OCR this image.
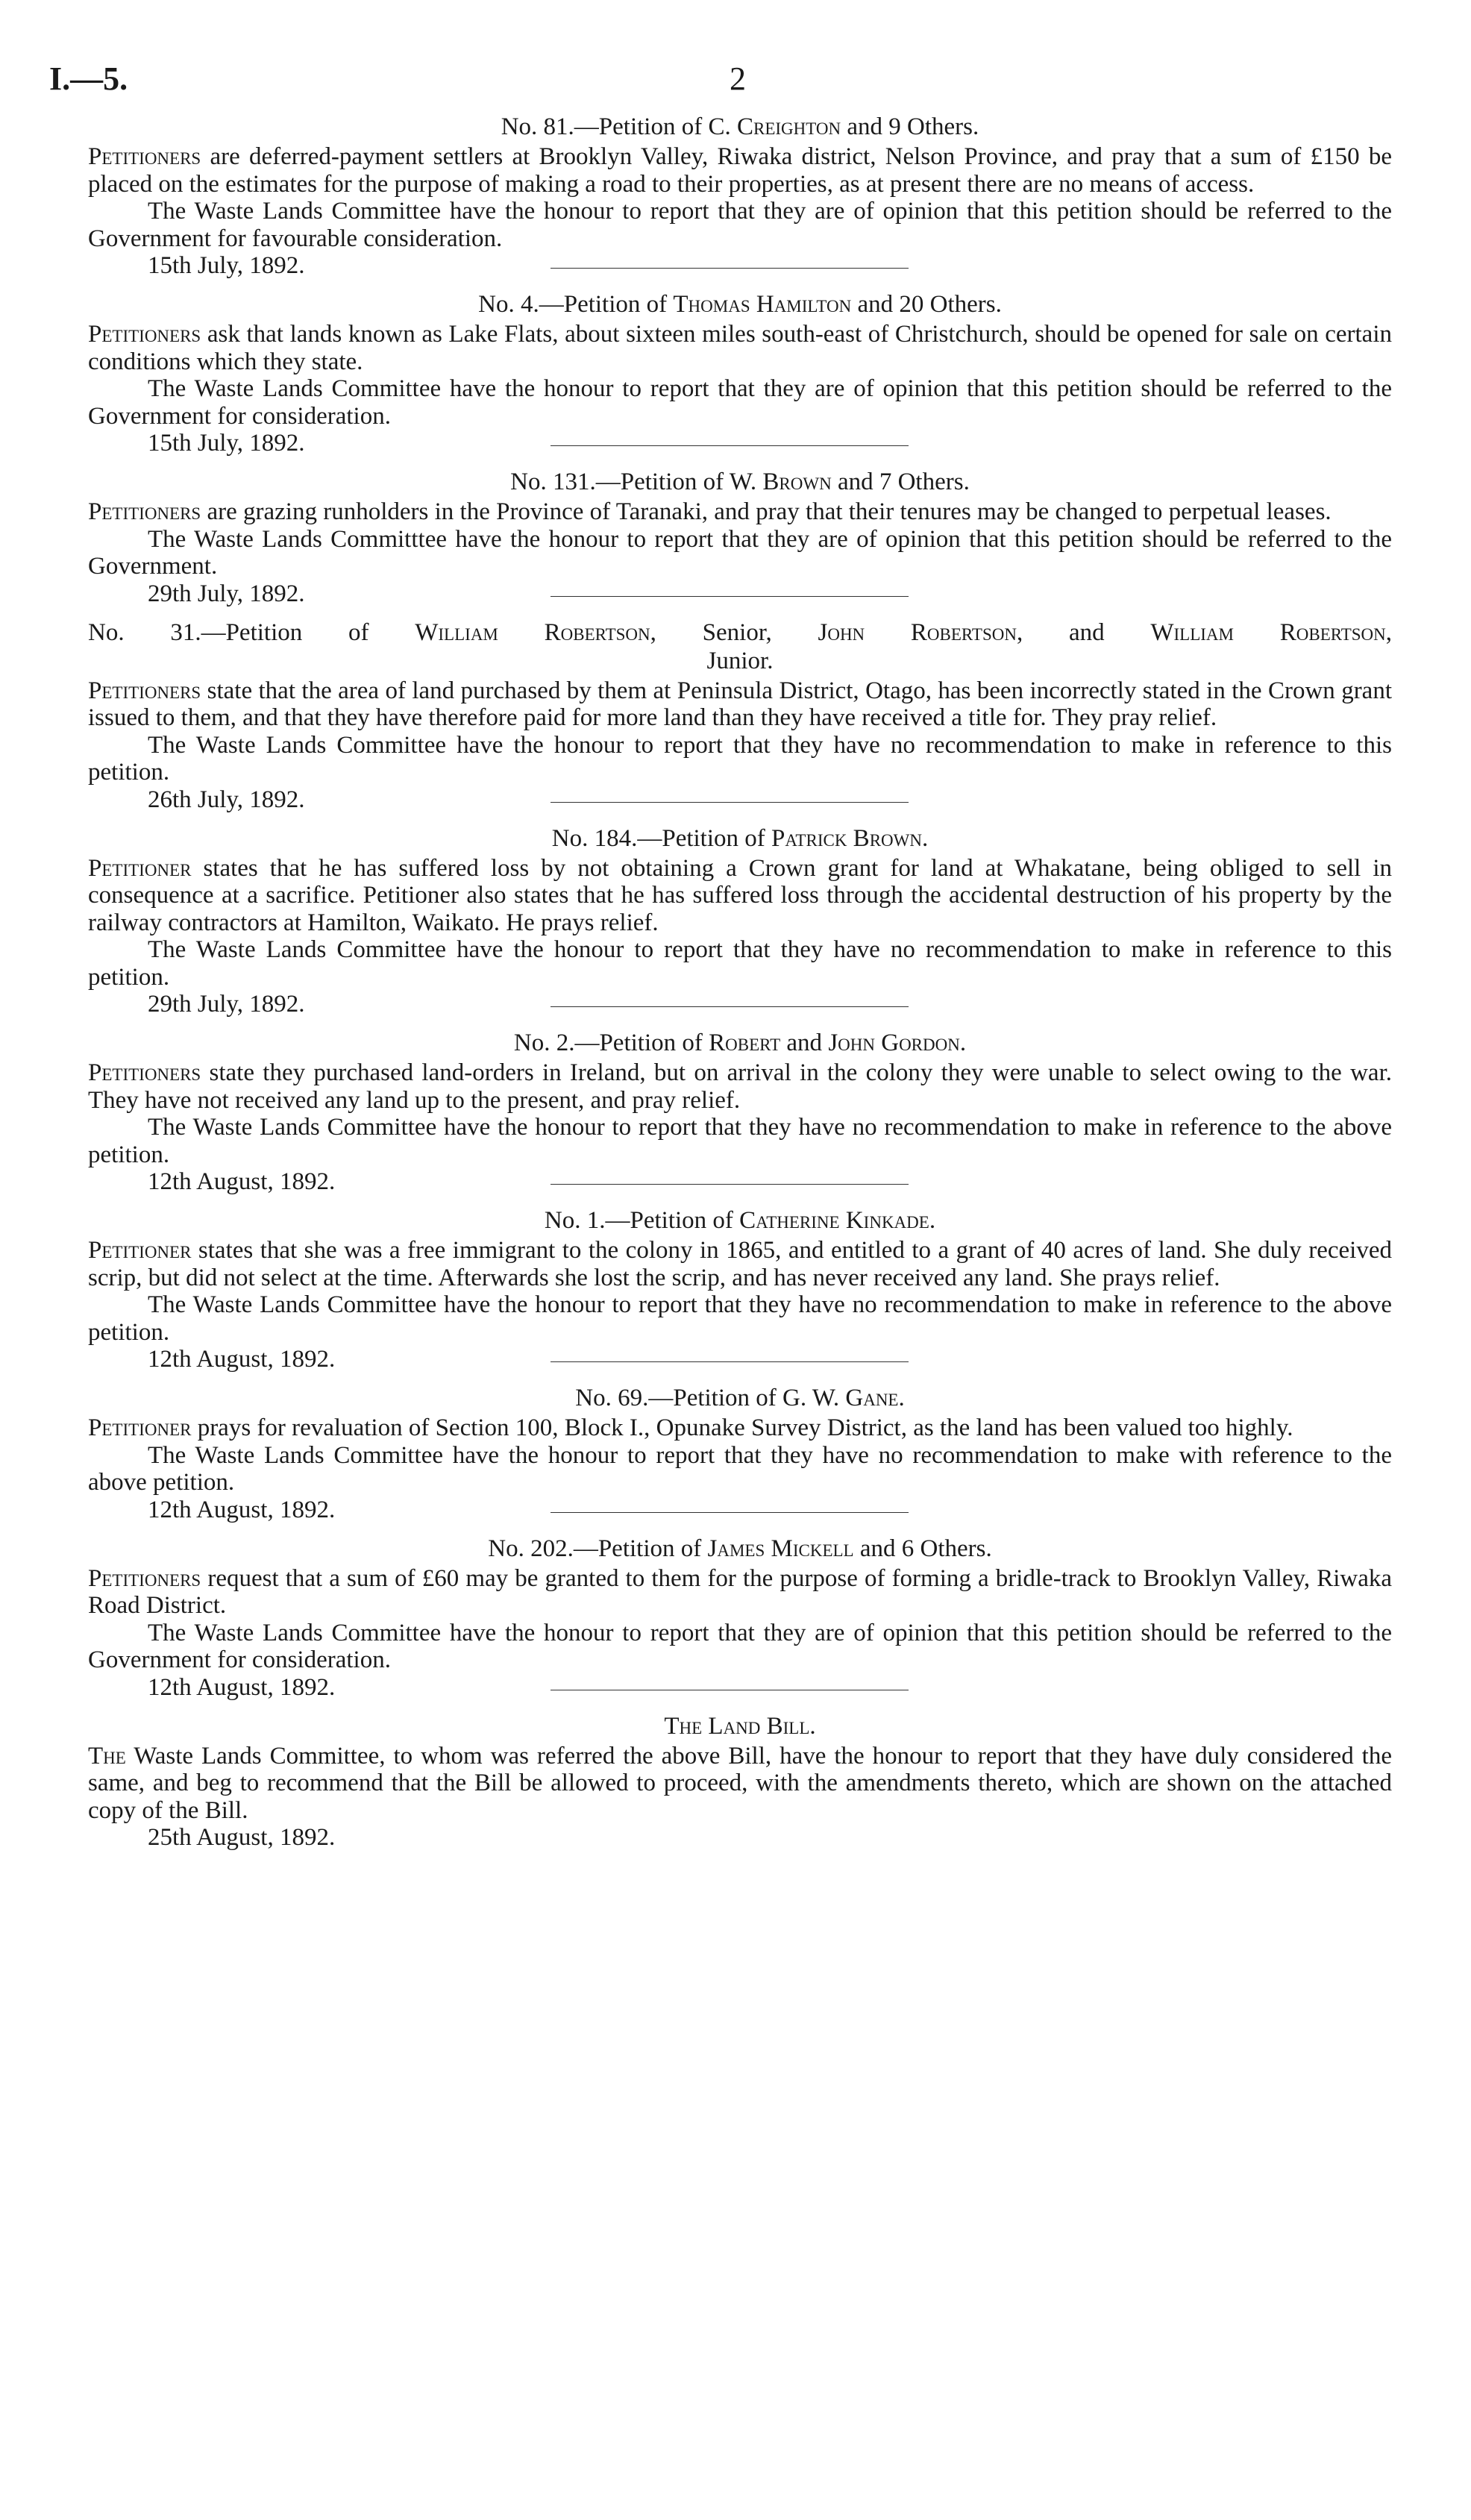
I.—5.	2
No. 81.—Petition of C. Creighton and 9 Others.

Petitioners are deferred-payment settlers at Brooklyn Valley, Riwaka district, Nelson Province, and pray that a sum of £150 be placed on the estimates for the purpose of making a road to their properties, as at present there are no means of access.

The Waste Lands Committee have the honour to report that they are of opinion that this petition should be referred to the Government for favourable consideration.

15th July, 1892.

No. 4.—Petition of Thomas Hamilton and 20 Others.

Petitioners ask that lands known as Lake Flats, about sixteen miles south-east of Christchurch, should be opened for sale on certain conditions which they state.

The Waste Lands Committee have the honour to report that they are of opinion that this petition should be referred to the Government for consideration.

15th July, 1892.

No. 131.—Petition of W. Brown and 7 Others.

Petitioners are grazing runholders in the Province of Taranaki, and pray that their tenures may be changed to perpetual leases.

The Waste Lands Committtee have the honour to report that they are of opinion that this petition should be referred to the Government.

29th July, 1892.

No. 31.—Petition of William Robertson, Senior, John Robertson, and William Robertson,
Junior.

Petitioners state that the area of land purchased by them at Peninsula District, Otago, has been incorrectly stated in the Crown grant issued to them, and that they have therefore paid for more land than they have received a title for. They pray relief.

The Waste Lands Committee have the honour to report that they have no recommendation to make in reference to this petition.

26th July, 1892.

No. 184.—Petition of Patrick Brown.

Petitioner states that he has suffered loss by not obtaining a Crown grant for land at Whakatane, being obliged to sell in consequence at a sacrifice. Petitioner also states that he has suffered loss through the accidental destruction of his property by the railway contractors at Hamilton, Waikato. He prays relief.

The Waste Lands Committee have the honour to report that they have no recommendation to make in reference to this petition.

29th July, 1892.

No. 2.—Petition of Robert and John Gordon.

Petitioners state they purchased land-orders in Ireland, but on arrival in the colony they were unable to select owing to the war. They have not received any land up to the present, and pray relief.

The Waste Lands Committee have the honour to report that they have no recommendation to make in reference to the above petition.

12th August, 1892.

No. 1.—Petition of Catherine Kinkade.

Petitioner states that she was a free immigrant to the colony in 1865, and entitled to a grant of 40 acres of land. She duly received scrip, but did not select at the time. Afterwards she lost the scrip, and has never received any land. She prays relief.

The Waste Lands Committee have the honour to report that they have no recommendation to make in reference to the above petition.

12th August, 1892.

No. 69.—Petition of G. W. Gane.

Petitioner prays for revaluation of Section 100, Block I., Opunake Survey District, as the land has been valued too highly.

The Waste Lands Committee have the honour to report that they have no recommendation to make with reference to the above petition.

12th August, 1892.

No. 202.—Petition of James Mickell and 6 Others.

Petitioners request that a sum of £60 may be granted to them for the purpose of forming a bridle-track to Brooklyn Valley, Riwaka Road District.

The Waste Lands Committee have the honour to report that they are of opinion that this petition should be referred to the Government for consideration.

12th August, 1892.

The Land Bill.

The Waste Lands Committee, to whom was referred the above Bill, have the honour to report that they have duly considered the same, and beg to recommend that the Bill be allowed to proceed, with the amendments thereto, which are shown on the attached copy of the Bill.

25th August, 1892.
